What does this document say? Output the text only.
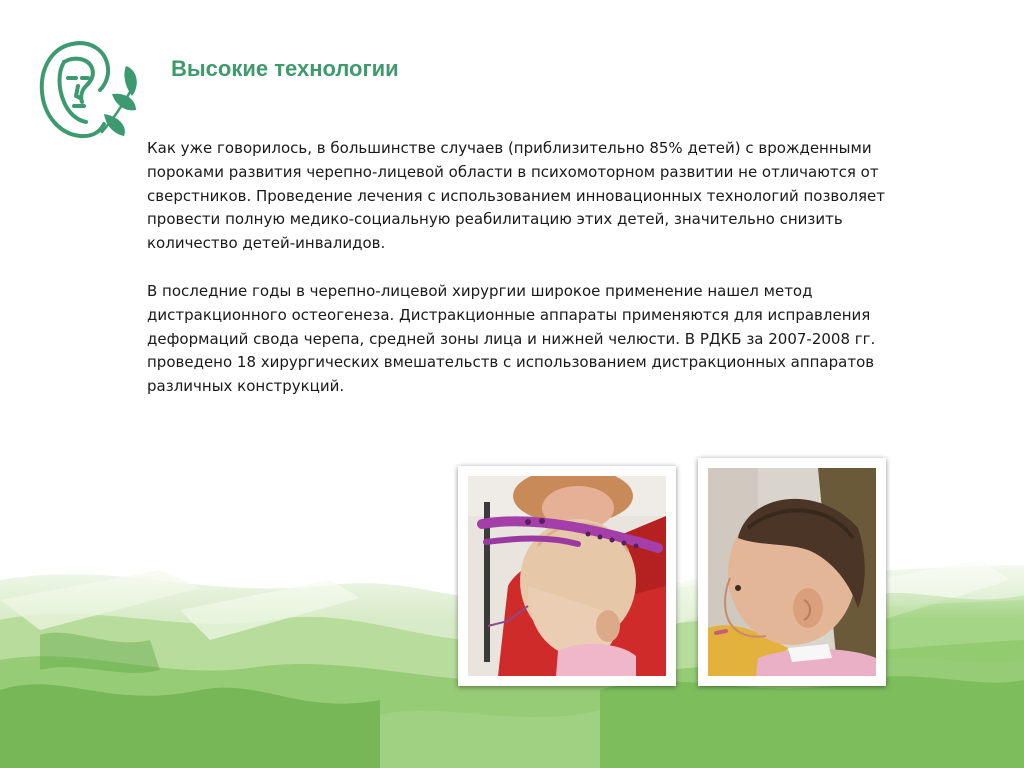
Высокие технологии

Как уже говорилось, в большинстве случаев (приблизительно 85% детей) с врожденными пороками развития черепно-лицевой области в психомоторном развитии не отличаются от сверстников. Проведение лечения с использованием инновационных технологий позволяет провести полную медико-социальную реабилитацию этих детей, значительно снизить количество детей-инвалидов.

В последние годы в черепно-лицевой хирургии широкое применение нашел метод дистракционного остеогенеза. Дистракционные аппараты применяются для исправления деформаций свода черепа, средней зоны лица и нижней челюсти. В РДКБ за 2007-2008 гг. проведено 18 хирургических вмешательств с использованием дистракционных аппаратов различных конструкций.
